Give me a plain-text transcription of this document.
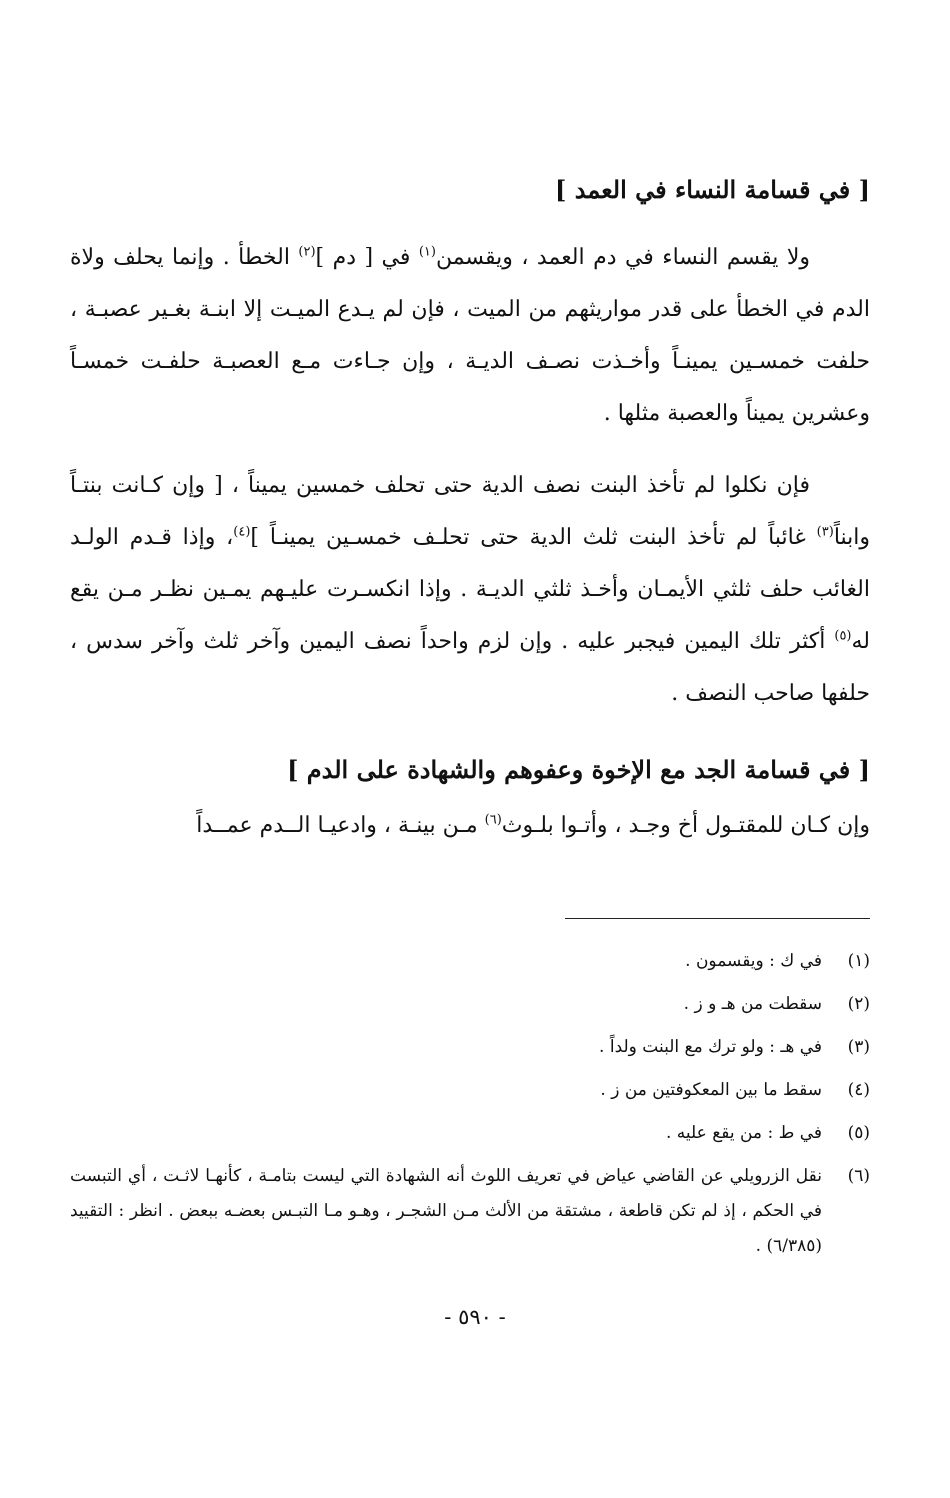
[ في قسامة النساء في العمد ]

ولا يقسم النساء في دم العمد ، ويقسمن$^{(١)}$ في [ دم ]$^{(٢)}$ الخطأ . وإنما يحلف ولاة الدم في الخطأ على قدر مواريثهم من الميت ، فإن لم يـدع الميـت إلا ابنـة بغـير عصبـة ، حلفت خمسـين يمينـاً وأخـذت نصـف الديـة ، وإن جـاءت مـع العصبـة حلفـت خمسـاً وعشرين يميناً والعصبة مثلها .

فإن نكلوا لم تأخذ البنت نصف الدية حتى تحلف خمسين يميناً ، [ وإن كـانت بنتـاً وابناً$^{(٣)}$ غائباً لم تأخذ البنت ثلث الدية حتى تحلـف خمسـين يمينـاً ]$^{(٤)}$، وإذا قـدم الولـد الغائب حلف ثلثي الأيمـان وأخـذ ثلثي الديـة . وإذا انكسـرت عليـهم يمـين نظـر مـن يقع له$^{(٥)}$ أكثر تلك اليمين فيجبر عليه . وإن لزم واحداً نصف اليمين وآخر ثلث وآخر سدس ، حلفها صاحب النصف .

[ في قسامة الجد مع الإخوة وعفوهم والشهادة على الدم ]

وإن كـان للمقتـول أخ وجـد ، وأتـوا بلـوث$^{(٦)}$ مـن بينـة ، وادعيـا الــدم عمــداً

(١)
في ك : ويقسمون .
(٢)
سقطت من هـ و ز .
(٣)
في هـ : ولو ترك مع البنت ولداً .
(٤)
سقط ما بين المعكوفتين من ز .
(٥)
في ط : من يقع عليه .
(٦)
نقل الزرويلي عن القاضي عياض في تعريف اللوث أنه الشهادة التي ليست بتامـة ، كأنهـا لاثـت ، أي التبست في الحكم ، إذ لم تكن قاطعة ، مشتقة من الألث مـن الشجـر ، وهـو مـا التبـس بعضـه ببعض . انظر : التقييد (٦/٣٨٥) .
- ٥٩٠ -
